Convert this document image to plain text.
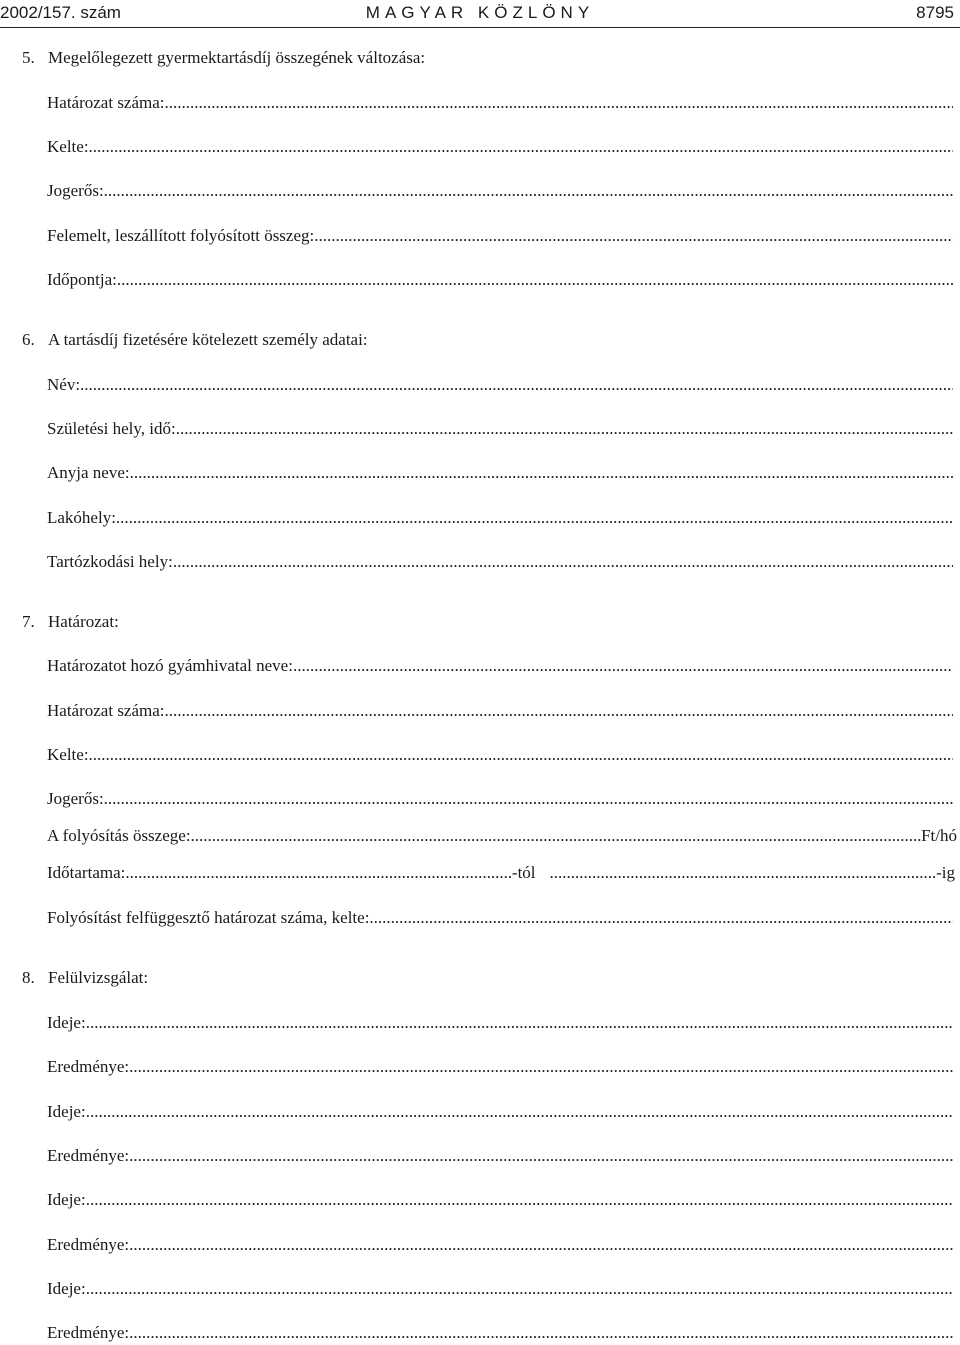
2002/157. szám	MAGYAR KÖZLÖNY	8795
5. Megelőlegezett gyermektartásdíj összegének változása:
Határozat száma:
.....
Kelte:
.....
Jogerős:
.....
Felemelt, leszállított folyósított összeg:
.....
Időpontja:
.....
6. A tartásdíj fizetésére kötelezett személy adatai:
Név:
.....
Születési hely, idő:
.....
Anyja neve:
.....
Lakóhely:
.....
Tartózkodási hely:
.....
7. Határozat:
Határozatot hozó gyámhivatal neve:
.....
Határozat száma:
.....
Kelte:
.....
Jogerős:
.....
A folyósítás összege: .....	Ft/hó
Időtartama: .....	-tól .....	-ig
Folyósítást felfüggesztő határozat száma, kelte:
.....
8. Felülvizsgálat:
Ideje:
.....
Eredménye:
.....
Ideje:
.....
Eredménye:
.....
Ideje:
.....
Eredménye:
.....
Ideje:
.....
Eredménye:
.....
